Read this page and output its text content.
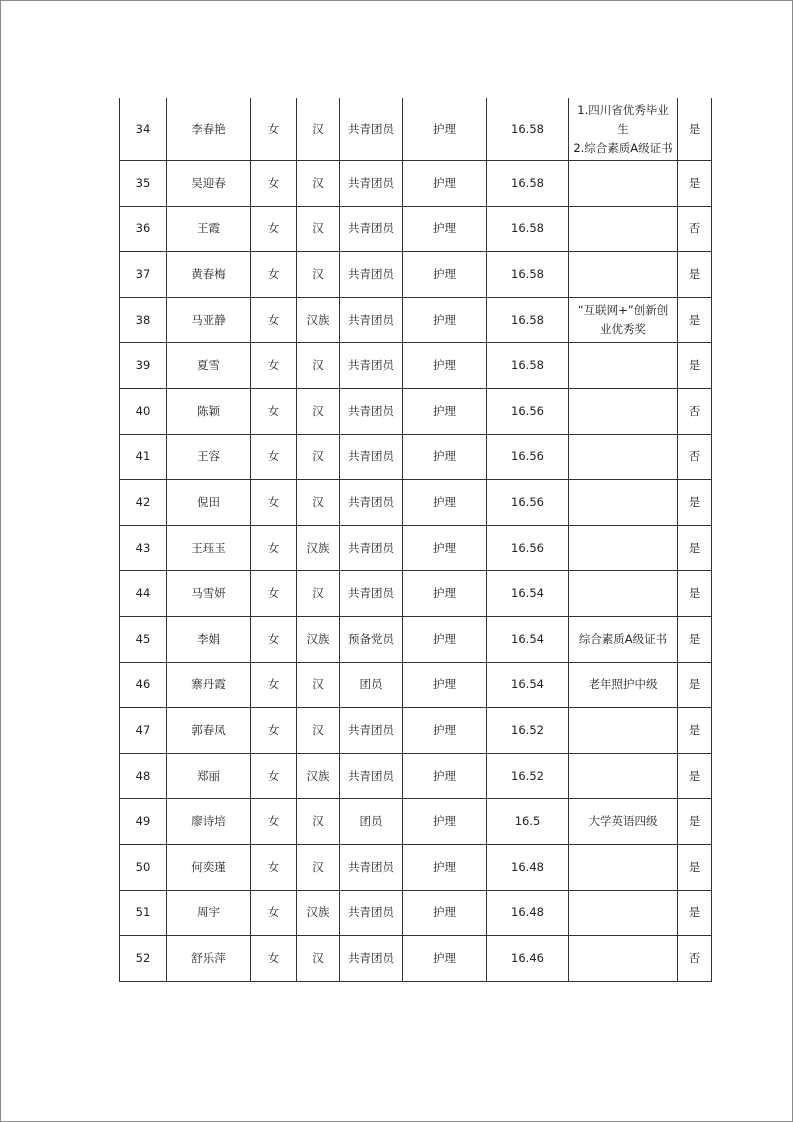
34	李春艳	女	汉	共青团员	护理	16.58	1.四川省优秀毕业
生
2.综合素质A级证书	是
35	吴迎春	女	汉	共青团员	护理	16.58		是
36	王霞	女	汉	共青团员	护理	16.58		否
37	黄春梅	女	汉	共青团员	护理	16.58		是
38	马亚静	女	汉族	共青团员	护理	16.58	“互联网+”创新创
业优秀奖	是
39	夏雪	女	汉	共青团员	护理	16.58		是
40	陈颖	女	汉	共青团员	护理	16.56		否
41	王容	女	汉	共青团员	护理	16.56		否
42	倪田	女	汉	共青团员	护理	16.56		是
43	王珏玉	女	汉族	共青团员	护理	16.56		是
44	马雪妍	女	汉	共青团员	护理	16.54		是
45	李娟	女	汉族	预备党员	护理	16.54	综合素质A级证书	是
46	寨丹霞	女	汉	团员	护理	16.54	老年照护中级	是
47	郭春凤	女	汉	共青团员	护理	16.52		是
48	郑丽	女	汉族	共青团员	护理	16.52		是
49	廖诗培	女	汉	团员	护理	16.5	大学英语四级	是
50	何奕瑾	女	汉	共青团员	护理	16.48		是
51	周宇	女	汉族	共青团员	护理	16.48		是
52	舒乐萍	女	汉	共青团员	护理	16.46		否
